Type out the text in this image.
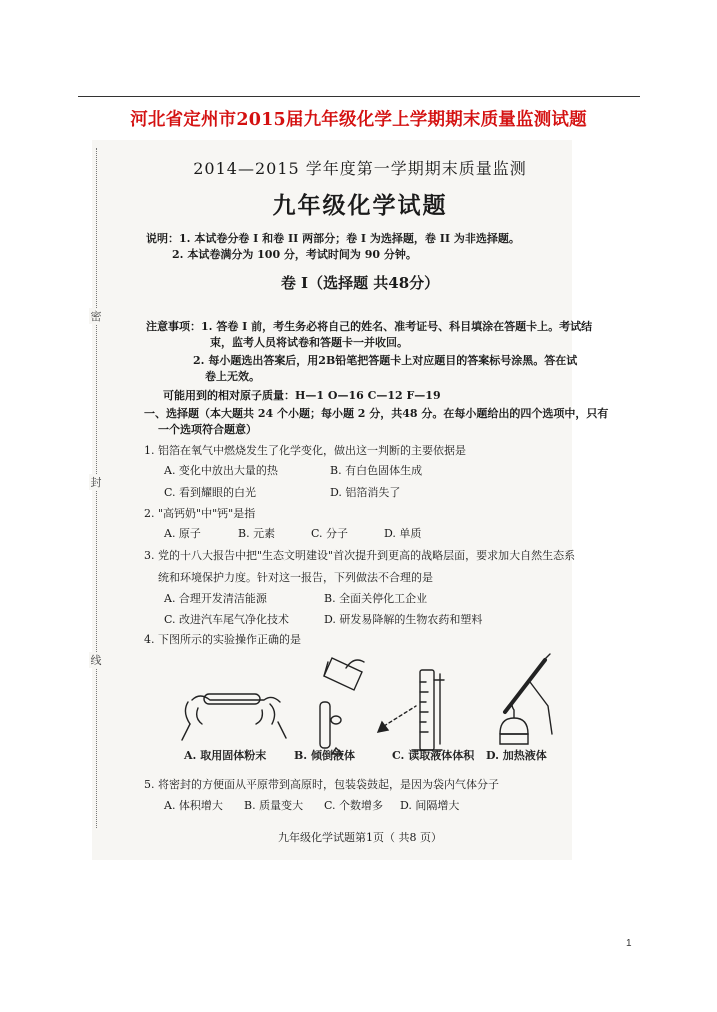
河北省定州市2015届九年级化学上学期期末质量监测试题
密
封
线
2014—2015 学年度第一学期期末质量监测
九年级化学试题
说明：1. 本试卷分卷 I 和卷 II 两部分；卷 I 为选择题，卷 II 为非选择题。
2. 本试卷满分为 100 分，考试时间为 90 分钟。
卷 I（选择题 共48分）
注意事项：1. 答卷 I 前，考生务必将自己的姓名、准考证号、科目填涂在答题卡上。考试结
束，监考人员将试卷和答题卡一并收回。
2. 每小题选出答案后，用2B铅笔把答题卡上对应题目的答案标号涂黑。答在试
卷上无效。
可能用到的相对原子质量：H—1 O—16 C—12 F—19
一、选择题（本大题共 24 个小题；每小题 2 分，共48 分。在每小题给出的四个选项中，只有
一个选项符合题意）
1. 铝箔在氧气中燃烧发生了化学变化，做出这一判断的主要依据是
A. 变化中放出大量的热	B. 有白色固体生成
C. 看到耀眼的白光	D. 铝箔消失了
2. "高钙奶"中"钙"是指
A. 原子	B. 元素	C. 分子	D. 单质
3. 党的十八大报告中把"生态文明建设"首次提升到更高的战略层面，要求加大自然生态系
统和环境保护力度。针对这一报告，下列做法不合理的是
A. 合理开发清洁能源	B. 全面关停化工企业
C. 改进汽车尾气净化技术	D. 研发易降解的生物农药和塑料
4. 下图所示的实验操作正确的是
A. 取用固体粉末	B. 倾倒液体	C. 读取液体体积 D. 加热液体
5. 将密封的方便面从平原带到高原时，包装袋鼓起，是因为袋内气体分子
A. 体积增大 B. 质量变大 C. 个数增多 D. 间隔增大
九年级化学试题第1页（ 共8 页）
1
